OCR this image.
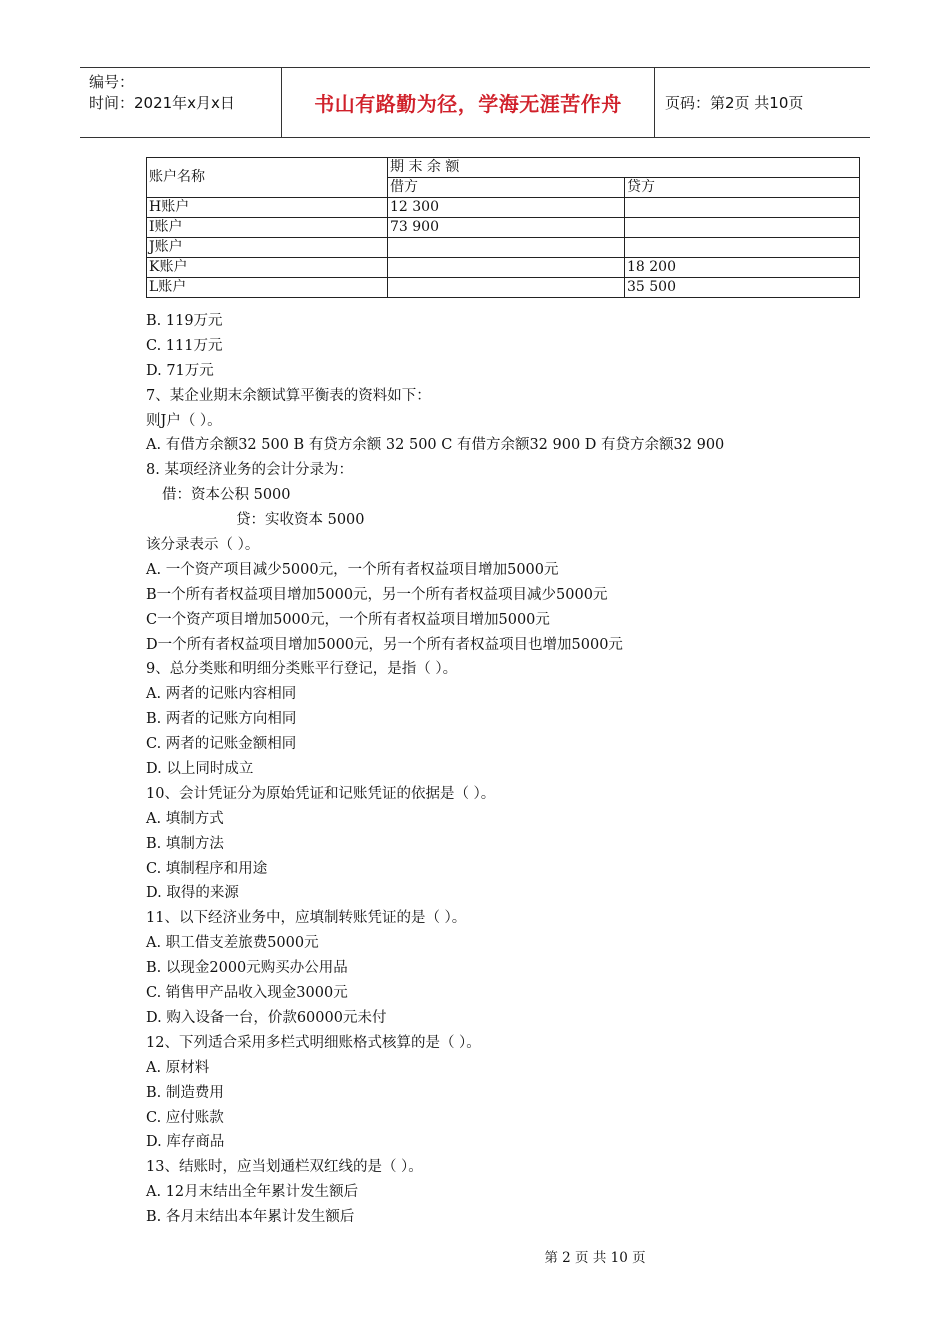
编号：
时间：2021年x月x日	书山有路勤为径，学海无涯苦作舟	页码：第2页 共10页
账户名称	期 末 余 额	
	借方	贷方
H账户	12 300	
I账户	73 900	
J账户		
K账户		18 200
L账户		35 500
B. 119万元
C. 111万元
D. 71万元
7、某企业期末余额试算平衡表的资料如下：
则J户（ ）。
A. 有借方余额32 500 B 有贷方余额 32 500 C 有借方余额32 900 D 有贷方余额32 900
8. 某项经济业务的会计分录为：
借：资本公积 5000
贷：实收资本 5000
该分录表示（ ）。
A. 一个资产项目减少5000元，一个所有者权益项目增加5000元
B一个所有者权益项目增加5000元，另一个所有者权益项目减少5000元
C一个资产项目增加5000元，一个所有者权益项目增加5000元
D一个所有者权益项目增加5000元，另一个所有者权益项目也增加5000元
9、总分类账和明细分类账平行登记，是指（ ）。
A. 两者的记账内容相同
B. 两者的记账方向相同
C. 两者的记账金额相同
D. 以上同时成立
10、会计凭证分为原始凭证和记账凭证的依据是（ ）。
A. 填制方式
B. 填制方法
C. 填制程序和用途
D. 取得的来源
11、以下经济业务中，应填制转账凭证的是（ ）。
A. 职工借支差旅费5000元
B. 以现金2000元购买办公用品
C. 销售甲产品收入现金3000元
D. 购入设备一台，价款60000元未付
12、下列适合采用多栏式明细账格式核算的是（ ）。
A. 原材料
B. 制造费用
C. 应付账款
D. 库存商品
13、结账时，应当划通栏双红线的是（ ）。
A. 12月末结出全年累计发生额后
B. 各月末结出本年累计发生额后
第 2 页 共 10 页
